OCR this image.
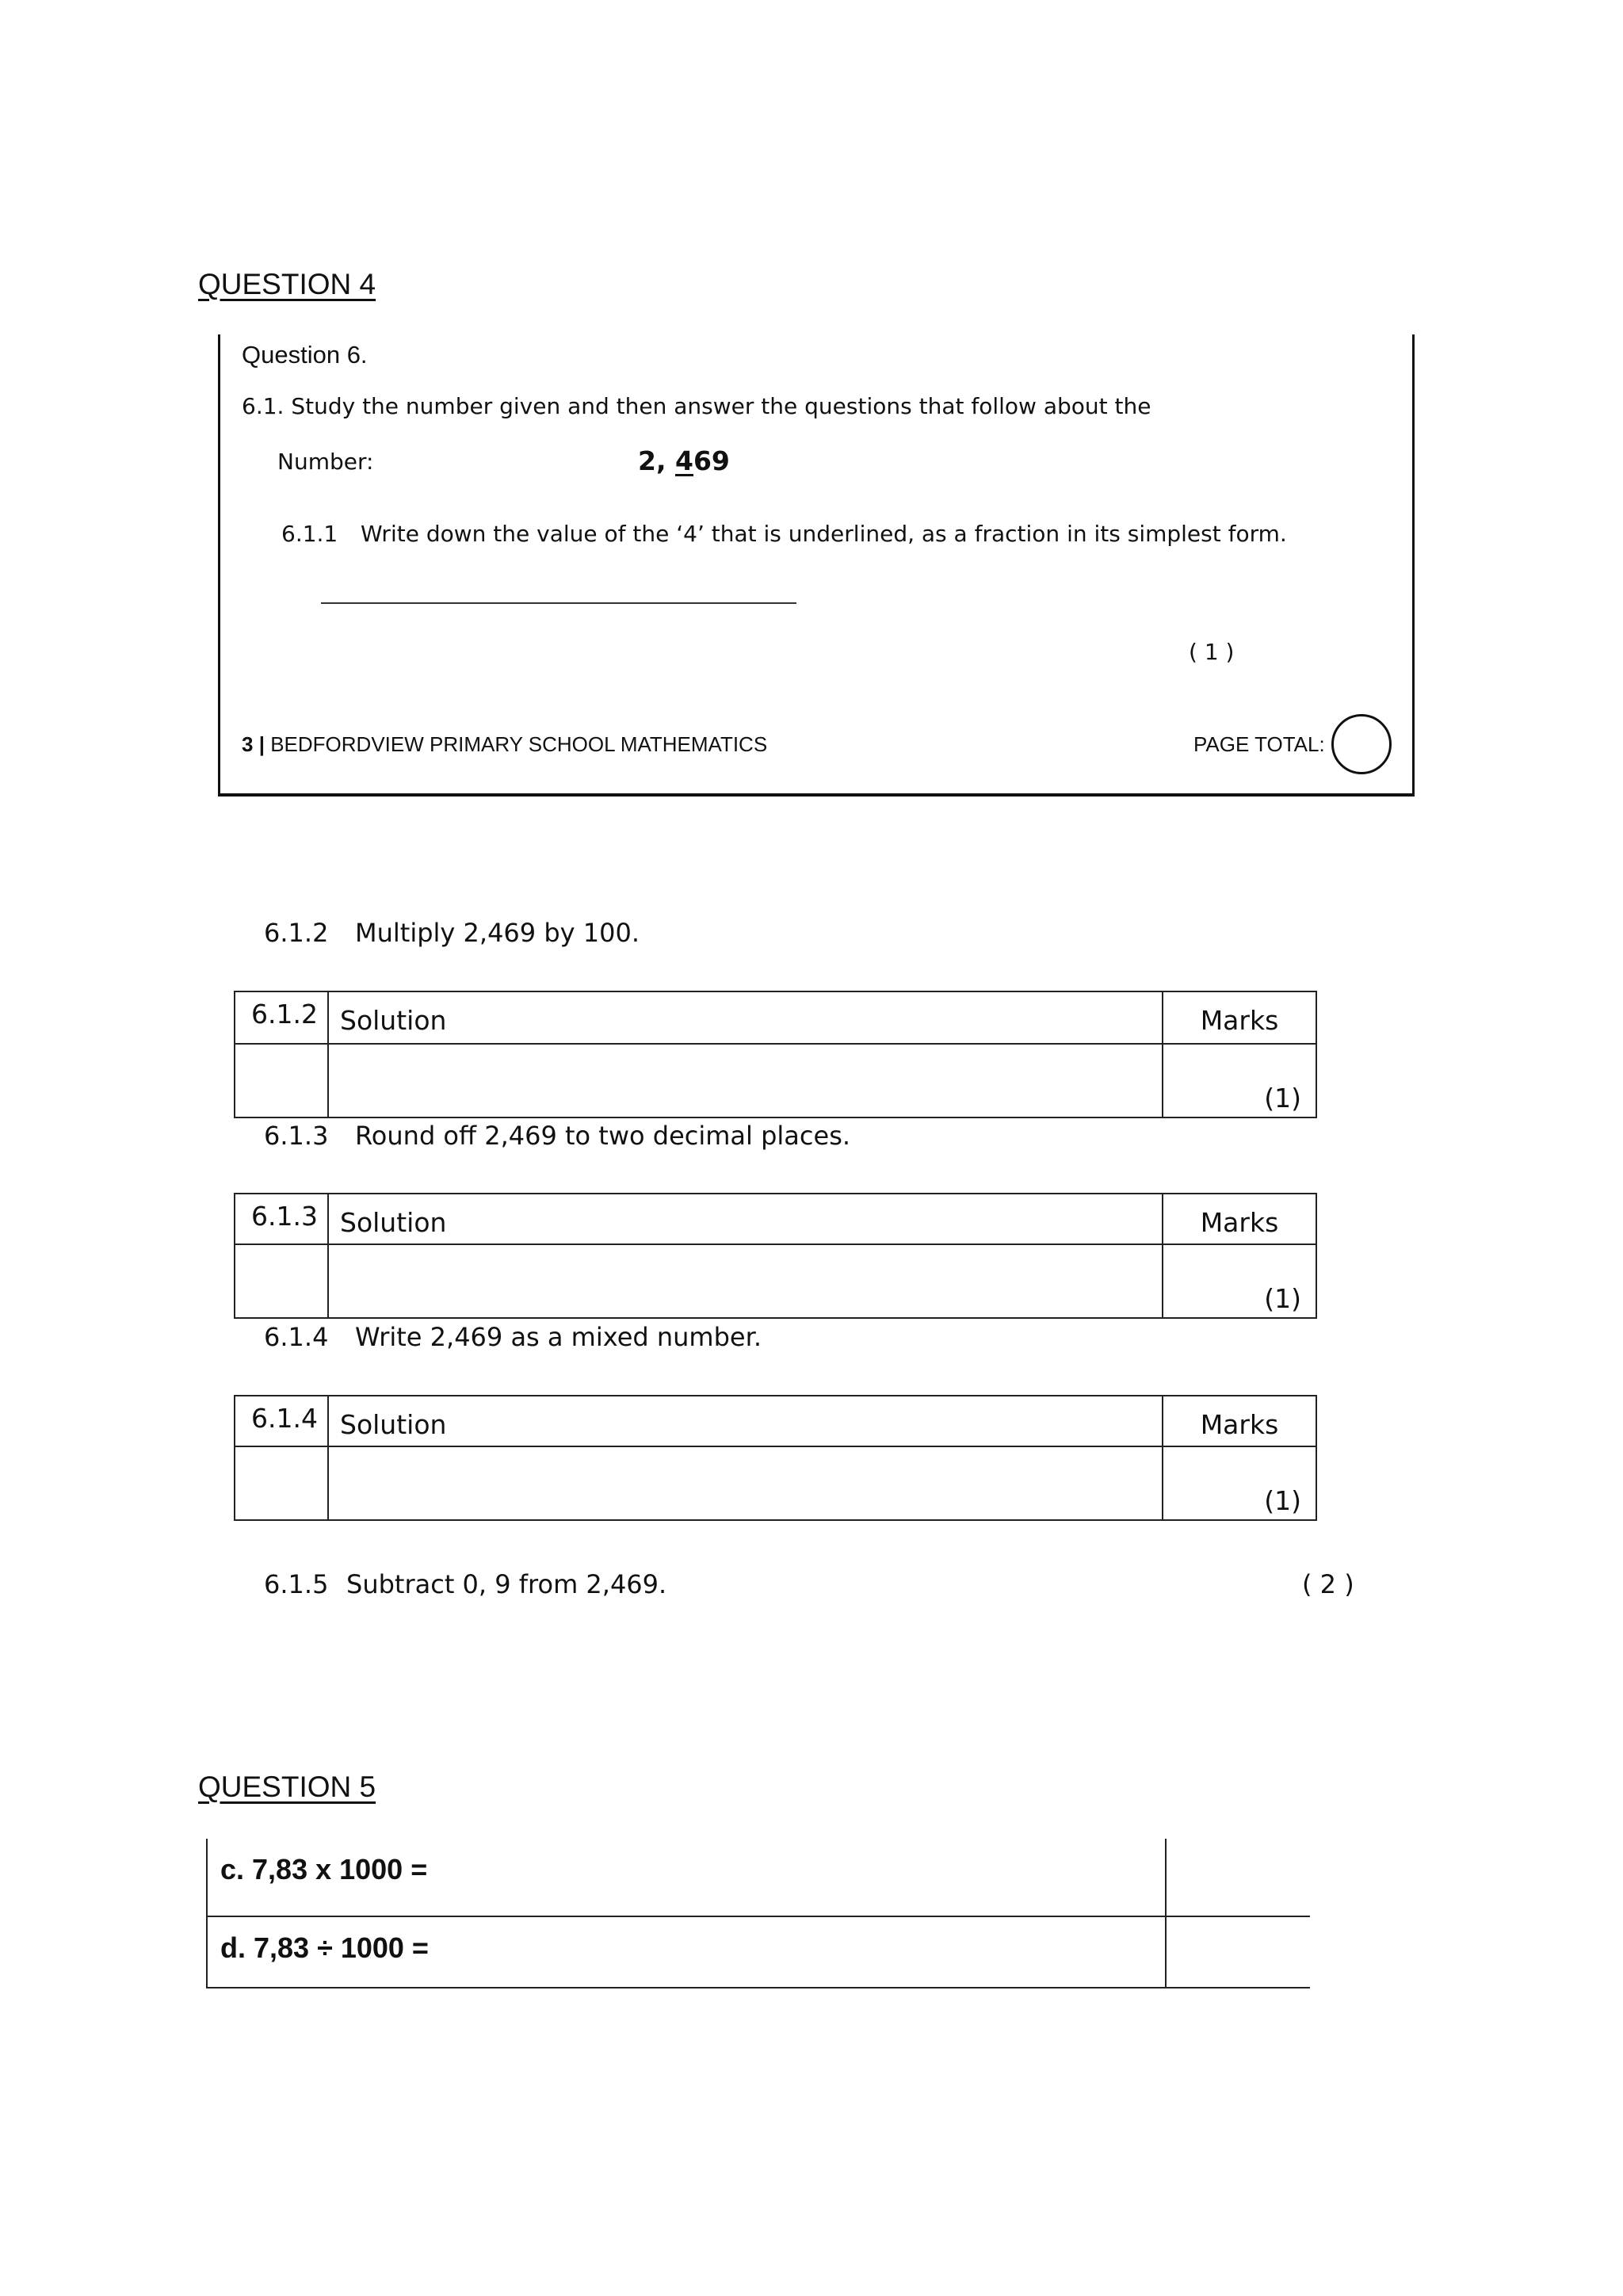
QUESTION 4
Question 6.
6.1. Study the number given and then answer the questions that follow about the
Number:	2, 469
6.1.1 Write down the value of the ‘4’ that is underlined, as a fraction in its simplest form.
( 1 )
3 | BEDFORDVIEW PRIMARY SCHOOL MATHEMATICS	PAGE TOTAL:
6.1.2 Multiply 2,469 by 100.
6.1.2	Solution	Marks
		(1)
6.1.3 Round off 2,469 to two decimal places.
6.1.3	Solution	Marks
		(1)
6.1.4 Write 2,469 as a mixed number.
6.1.4	Solution	Marks
		(1)
6.1.5 Subtract 0, 9 from 2,469.	( 2 )
QUESTION 5
c. 7,83 x 1000 =	
d. 7,83 ÷ 1000 =	
